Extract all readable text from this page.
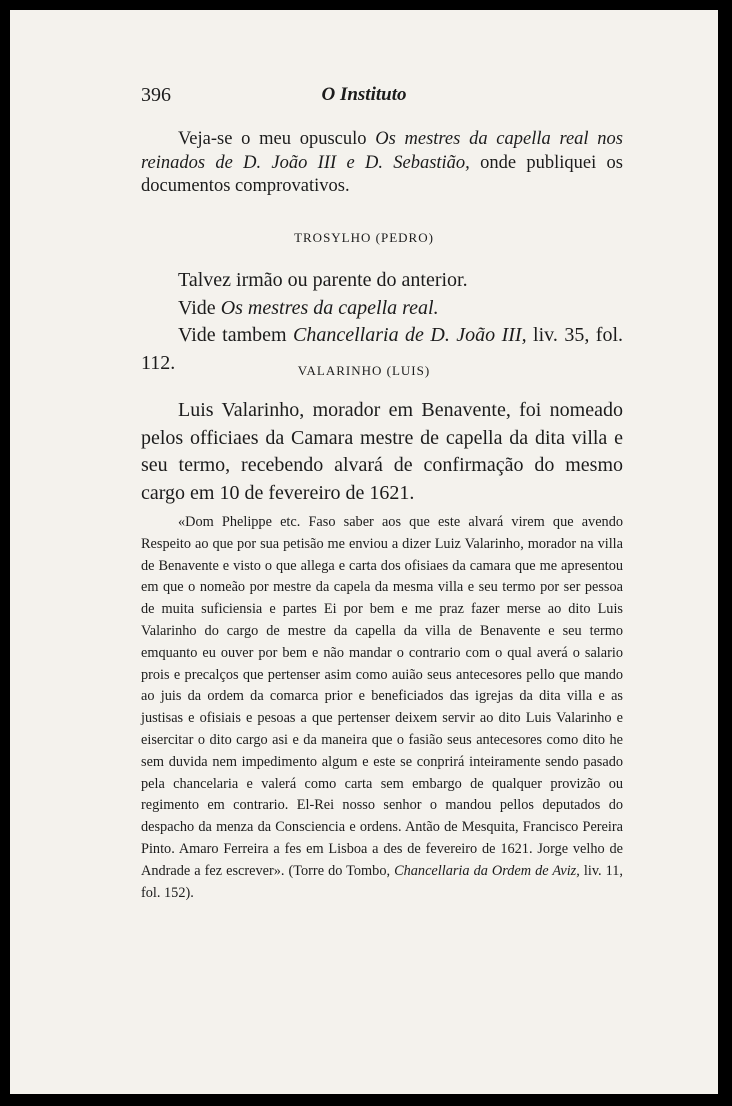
396	O Instituto
Veja-se o meu opusculo Os mestres da capella real nos reinados de D. João III e D. Sebastião, onde publiquei os documentos comprovativos.
TROSYLHO (PEDRO)
Talvez irmão ou parente do anterior.
Vide Os mestres da capella real.
Vide tambem Chancellaria de D. João III, liv. 35, fol. 112.	VALARINHO (LUIS)
Luis Valarinho, morador em Benavente, foi nomeado pelos officiaes da Camara mestre de capella da dita villa e seu termo, recebendo alvará de confirmação do mesmo cargo em 10 de fevereiro de 1621.

«Dom Phelippe etc. Faso saber aos que este alvará virem que avendo Respeito ao que por sua petisão me enviou a dizer Luiz Valarinho, morador na villa de Benavente e visto o que allega e carta dos ofisiaes da camara que me apresentou em que o nomeão por mestre da capela da mesma villa e seu termo por ser pessoa de muita suficiensia e partes Ei por bem e me praz fazer merse ao dito Luis Valarinho do cargo de mestre da capella da villa de Benavente e seu termo emquanto eu ouver por bem e não mandar o contrario com o qual averá o salario prois e precalços que pertenser asim como auião seus antecesores pello que mando ao juis da ordem da comarca prior e beneficiados das igrejas da dita villa e as justisas e ofisiais e pesoas a que pertenser deixem servir ao dito Luis Valarinho e eisercitar o dito cargo asi e da maneira que o fasião seus antecesores como dito he sem duvida nem impedimento algum e este se conprirá inteiramente sendo pasado pela chancelaria e valerá como carta sem embargo de qualquer provizão ou regimento em contrario. El-Rei nosso senhor o mandou pellos deputados do despacho da menza da Consciencia e ordens. Antão de Mesquita, Francisco Pereira Pinto. Amaro Ferreira a fes em Lisboa a des de fevereiro de 1621. Jorge velho de Andrade a fez escrever». (Torre do Tombo, Chancellaria da Ordem de Aviz, liv. 11, fol. 152).
